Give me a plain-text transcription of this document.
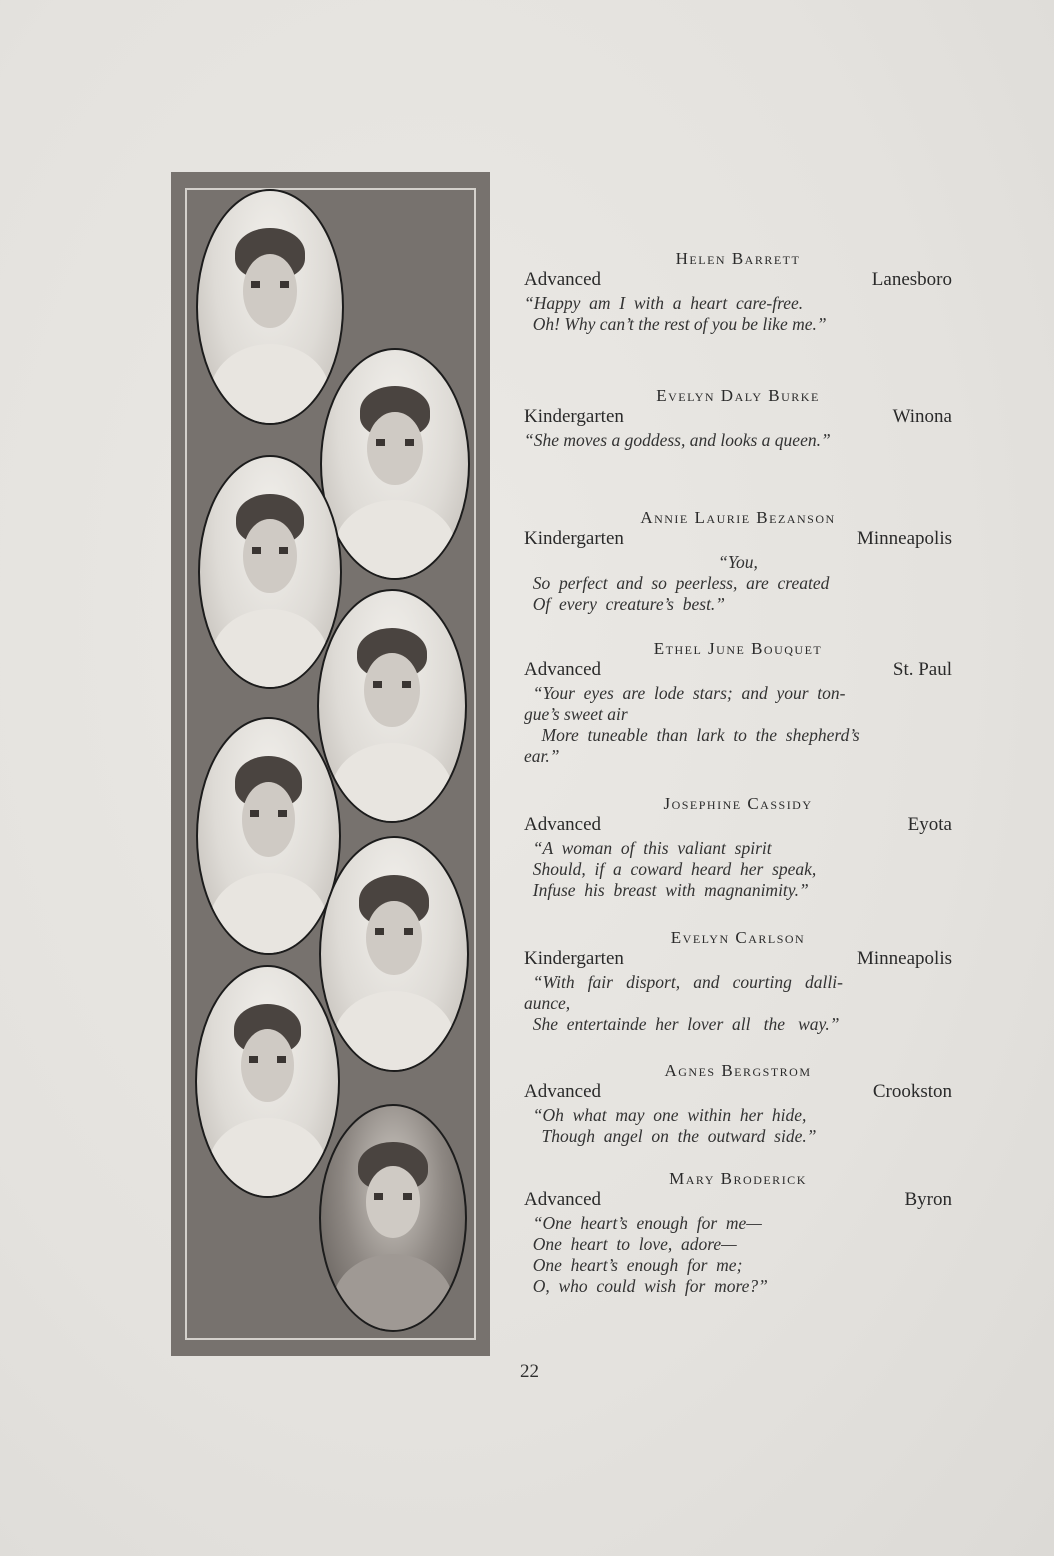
Helen Barrett
Advanced	Lanesboro
“Happy  am  I  with  a  heart  care-free.
Oh! Why can’t the rest of you be like me.”
Evelyn Daly Burke
Kindergarten	Winona
“She moves a goddess, and looks a queen.”
Annie Laurie Bezanson
Kindergarten	Minneapolis
“You,
So  perfect  and  so  peerless,  are  created
Of  every  creature’s  best.”
Ethel June Bouquet
Advanced	St. Paul
“Your  eyes  are  lode  stars;  and  your  ton-
gue’s sweet air
More  tuneable  than  lark  to  the  shepherd’s
ear.”
Josephine Cassidy
Advanced	Eyota
“A  woman  of  this  valiant  spirit
Should,  if  a  coward  heard  her  speak,
Infuse  his  breast  with  magnanimity.”
Evelyn Carlson
Kindergarten	Minneapolis
“With   fair   disport,   and   courting   dalli-
aunce,
She  entertainde  her  lover  all   the   way.”
Agnes Bergstrom
Advanced	Crookston
“Oh  what  may  one  within  her  hide,
Though  angel  on  the  outward  side.”
Mary Broderick
Advanced	Byron
“One  heart’s  enough  for  me—
One  heart  to  love,  adore—
One  heart’s  enough  for  me;
O,  who  could  wish  for  more?”
22
